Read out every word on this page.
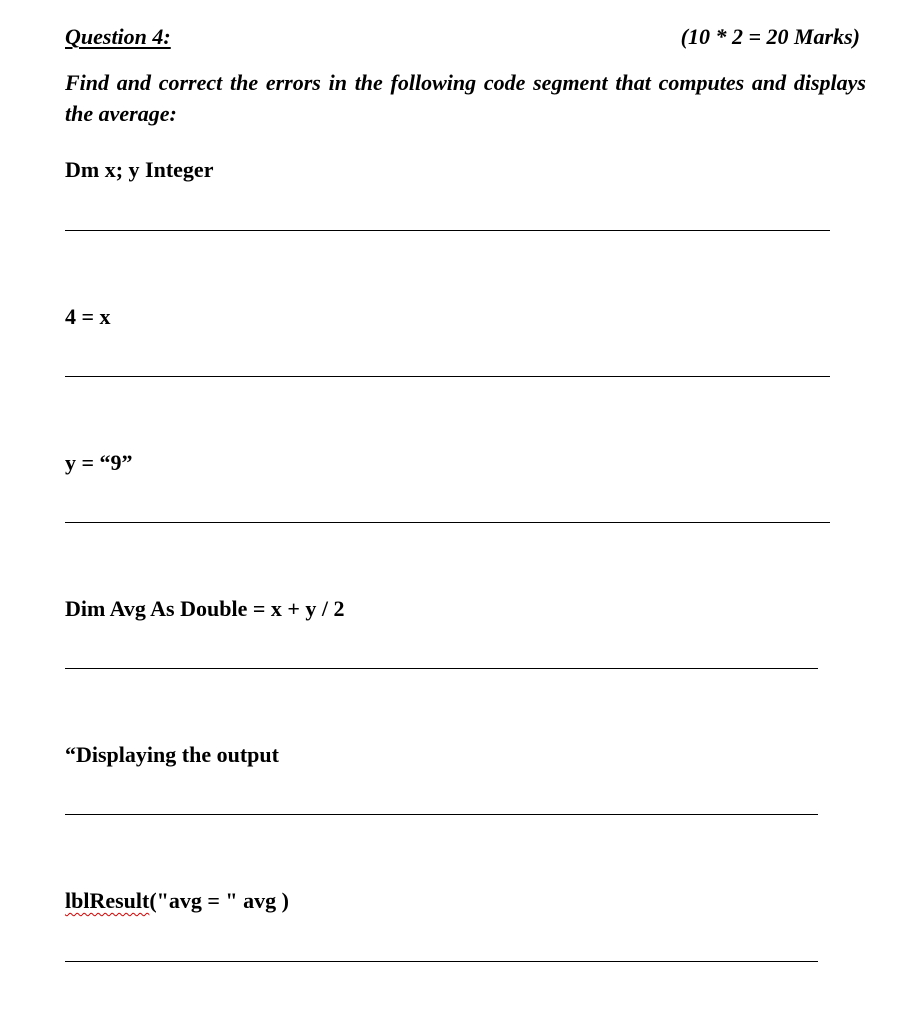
Question 4:	(10 * 2 = 20 Marks)
Find and correct the errors in the following code segment that computes and displays the average:
Dm x; y Integer
4 = x
y = “9”
Dim Avg As Double = x + y / 2
“Displaying the output
lblResult("avg = " avg )
